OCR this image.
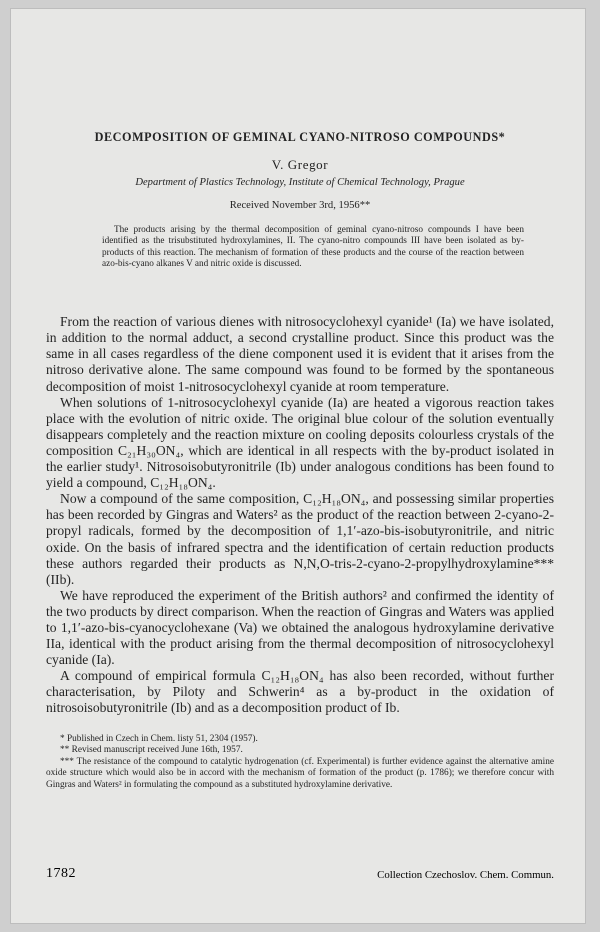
DECOMPOSITION OF GEMINAL CYANO-NITROSO COMPOUNDS*
V. Gregor
Department of Plastics Technology, Institute of Chemical Technology, Prague
Received November 3rd, 1956**

The products arising by the thermal decomposition of geminal cyano-nitroso compounds I have been identified as the trisubstituted hydroxylamines, II. The cyano-nitro compounds III have been isolated as by-products of this reaction. The mechanism of formation of these products and the course of the reaction between azo-bis-cyano alkanes V and nitric oxide is discussed.

From the reaction of various dienes with nitrosocyclohexyl cyanide¹ (Ia) we have isolated, in addition to the normal adduct, a second crystalline product. Since this product was the same in all cases regardless of the diene component used it is evident that it arises from the nitroso derivative alone. The same compound was found to be formed by the spontaneous decomposition of moist 1-nitrosocyclohexyl cyanide at room temperature.

When solutions of 1-nitrosocyclohexyl cyanide (Ia) are heated a vigorous reaction takes place with the evolution of nitric oxide. The original blue colour of the solution eventually disappears completely and the reaction mixture on cooling deposits colourless crystals of the composition C₂₁H₃₀ON₄, which are identical in all respects with the by-product isolated in the earlier study¹. Nitrosoisobutyronitrile (Ib) under analogous conditions has been found to yield a compound, C₁₂H₁₈ON₄.

Now a compound of the same composition, C₁₂H₁₈ON₄, and possessing similar properties has been recorded by Gingras and Waters² as the product of the reaction between 2-cyano-2-propyl radicals, formed by the decomposition of 1,1′-azo-bis-isobutyronitrile, and nitric oxide. On the basis of infrared spectra and the identification of certain reduction products these authors regarded their products as N,N,O-tris-2-cyano-2-propylhydroxylamine*** (IIb).

We have reproduced the experiment of the British authors² and confirmed the identity of the two products by direct comparison. When the reaction of Gingras and Waters was applied to 1,1′-azo-bis-cyanocyclohexane (Va) we obtained the analogous hydroxylamine derivative IIa, identical with the product arising from the thermal decomposition of nitrosocyclohexyl cyanide (Ia).

A compound of empirical formula C₁₂H₁₈ON₄ has also been recorded, without further characterisation, by Piloty and Schwerin⁴ as a by-product in the oxidation of nitrosoisobutyronitrile (Ib) and as a decomposition product of Ib.

* Published in Czech in Chem. listy 51, 2304 (1957).

** Revised manuscript received June 16th, 1957.

*** The resistance of the compound to catalytic hydrogenation (cf. Experimental) is further evidence against the alternative amine oxide structure which would also be in accord with the mechanism of formation of the product (p. 1786); we therefore concur with Gingras and Waters² in formulating the compound as a substituted hydroxylamine derivative.

1782	Collection Czechoslov. Chem. Commun.
